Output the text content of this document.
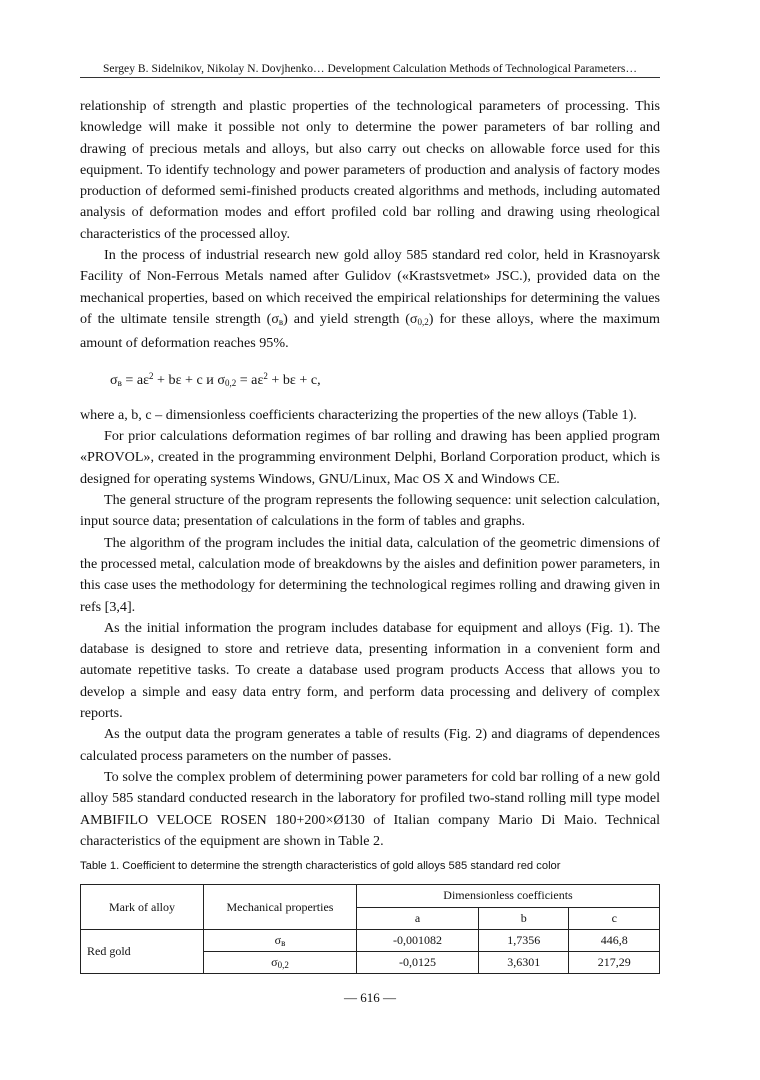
Sergey B. Sidelnikov, Nikolay N. Dovjhenko… Development Calculation Methods of Technological Parameters…

relationship of strength and plastic properties of the technological parameters of processing. This knowledge will make it possible not only to determine the power parameters of bar rolling and drawing of precious metals and alloys, but also carry out checks on allowable force used for this equipment. To identify technology and power parameters of production and analysis of factory modes production of deformed semi-finished products created algorithms and methods, including automated analysis of deformation modes and effort profiled cold bar rolling and drawing using rheological characteristics of the processed alloy.

In the process of industrial research new gold alloy 585 standard red color, held in Krasnoyarsk Facility of Non-Ferrous Metals named after Gulidov («Krastsvetmet» JSC.), provided data on the mechanical properties, based on which received the empirical relationships for determining the values of the ultimate tensile strength $(\sigma_в)$ and yield strength $(\sigma_{0,2})$ for these alloys, where the maximum amount of deformation reaches 95%.

$\sigma_в = a\varepsilon^2 + b\varepsilon + c$ и $\sigma_{0,2} = a\varepsilon^2 + b\varepsilon + c$,

where a, b, c – dimensionless coefficients characterizing the properties of the new alloys (Table 1).

For prior calculations deformation regimes of bar rolling and drawing has been applied program «PROVOL», created in the programming environment Delphi, Borland Corporation product, which is designed for operating systems Windows, GNU/Linux, Mac OS X and Windows CE.

The general structure of the program represents the following sequence: unit selection calculation, input source data; presentation of calculations in the form of tables and graphs.

The algorithm of the program includes the initial data, calculation of the geometric dimensions of the processed metal, calculation mode of breakdowns by the aisles and definition power parameters, in this case uses the methodology for determining the technological regimes rolling and drawing given in refs [3,4].

As the initial information the program includes database for equipment and alloys (Fig. 1). The database is designed to store and retrieve data, presenting information in a convenient form and automate repetitive tasks. To create a database used program products Access that allows you to develop a simple and easy data entry form, and perform data processing and delivery of complex reports.

As the output data the program generates a table of results (Fig. 2) and diagrams of dependences calculated process parameters on the number of passes.

To solve the complex problem of determining power parameters for cold bar rolling of a new gold alloy 585 standard conducted research in the laboratory for profiled two-stand rolling mill type model AMBIFILO VELOCE ROSEN 180+200×Ø130 of Italian company Mario Di Maio. Technical characteristics of the equipment are shown in Table 2.

Table 1. Coefficient to determine the strength characteristics of gold alloys 585 standard red color
Mark of alloy	Mechanical properties	Dimensionless coefficients		
		a	b	c
Red gold	$\sigma_в$	-0,001082	1,7356	446,8
	$\sigma_{0,2}$	-0,0125	3,6301	217,29
― 616 ―
